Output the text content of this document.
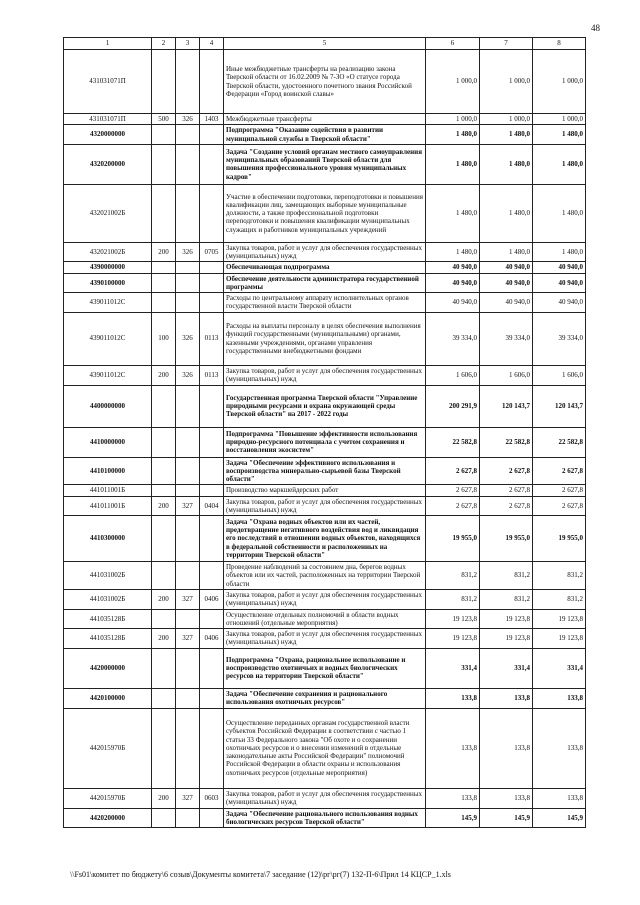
48
1	2	3	4	5	6	7	8
431031071П				Иные межбюджетные трансферты на реализацию закона Тверской области от 16.02.2009 № 7-ЗО «О статусе города Тверской области, удостоенного почетного звания Российской Федерации «Город воинской славы»	1 000,0	1 000,0	1 000,0
431031071П	500	326	1403	Межбюджетные трансферты	1 000,0	1 000,0	1 000,0
4320000000				Подпрограмма "Оказание содействия в развитии муниципальной службы в Тверской области"	1 480,0	1 480,0	1 480,0
4320200000				Задача "Создание условий органам местного самоуправления муниципальных образований Тверской области для повышения профессионального уровня муниципальных кадров"	1 480,0	1 480,0	1 480,0
432021002Б				Участие в обеспечении подготовки, переподготовки и повышения квалификации лиц, замещающих выборные муниципальные должности, а также профессиональной подготовки переподготовки и повышения квалификации муниципальных служащих и работников муниципальных учреждений	1 480,0	1 480,0	1 480,0
432021002Б	200	326	0705	Закупка товаров, работ и услуг для обеспечения государственных (муниципальных) нужд	1 480,0	1 480,0	1 480,0
4390000000				Обеспечивающая подпрограмма	40 940,0	40 940,0	40 940,0
4390100000				Обеспечение деятельности администратора государственной программы	40 940,0	40 940,0	40 940,0
439011012С				Расходы по центральному аппарату исполнительных органов государственной власти Тверской области	40 940,0	40 940,0	40 940,0
439011012С	100	326	0113	Расходы на выплаты персоналу в целях обеспечения выполнения функций государственными (муниципальными) органами, казенными учреждениями, органами управления государственными внебюджетными фондами	39 334,0	39 334,0	39 334,0
439011012С	200	326	0113	Закупка товаров, работ и услуг для обеспечения государственных (муниципальных) нужд	1 606,0	1 606,0	1 606,0
4400000000				Государственная программа Тверской области "Управление природными ресурсами и охрана окружающей среды Тверской области" на 2017 - 2022 годы	200 291,9	120 143,7	120 143,7
4410000000				Подпрограмма "Повышение эффективности использования природно-ресурсного потенциала с учетом сохранения и восстановления экосистем"	22 582,8	22 582,8	22 582,8
4410100000				Задача "Обеспечение эффективного использования и воспроизводства минерально-сырьевой базы Тверской области"	2 627,8	2 627,8	2 627,8
441011001Б				Производство маркшейдерских работ	2 627,8	2 627,8	2 627,8
441011001Б	200	327	0404	Закупка товаров, работ и услуг для обеспечения государственных (муниципальных) нужд	2 627,8	2 627,8	2 627,8
4410300000				Задача "Охрана водных объектов или их частей, предотвращение негативного воздействия вод и ликвидация его последствий в отношении водных объектов, находящихся в федеральной собственности и расположенных на территории Тверской области"	19 955,0	19 955,0	19 955,0
441031002Б				Проведение наблюдений за состоянием дна, берегов водных объектов или их частей, расположенных на территории Тверской области	831,2	831,2	831,2
441031002Б	200	327	0406	Закупка товаров, работ и услуг для обеспечения государственных (муниципальных) нужд	831,2	831,2	831,2
441035128Б				Осуществление отдельных полномочий в области водных отношений (отдельные мероприятия)	19 123,8	19 123,8	19 123,8
441035128Б	200	327	0406	Закупка товаров, работ и услуг для обеспечения государственных (муниципальных) нужд	19 123,8	19 123,8	19 123,8
4420000000				Подпрограмма "Охрана, рациональное использование и воспроизводство охотничьих и водных биологических ресурсов на территории Тверской области"	331,4	331,4	331,4
4420100000				Задача "Обеспечение сохранения и рационального использования охотничьих ресурсов"	133,8	133,8	133,8
442015970Б				Осуществление переданных органам государственной власти субъектов Российской Федерации в соответствии с частью 1 статьи 33 Федерального закона "Об охоте и о сохранении охотничьих ресурсов и о внесении изменений в отдельные законодательные акты Российской Федерации" полномочий Российской Федерации в области охраны и использования охотничьих ресурсов (отдельные мероприятия)	133,8	133,8	133,8
442015970Б	200	327	0603	Закупка товаров, работ и услуг для обеспечения государственных (муниципальных) нужд	133,8	133,8	133,8
4420200000				Задача "Обеспечение рационального использования водных биологических ресурсов Тверской области"	145,9	145,9	145,9
\\Fs01\комитет по бюджету\6 созыв\Документы комитета\7 заседание (12)\рг\рг(7) 132-П-6\Прил 14 КЦСР_1.xls
